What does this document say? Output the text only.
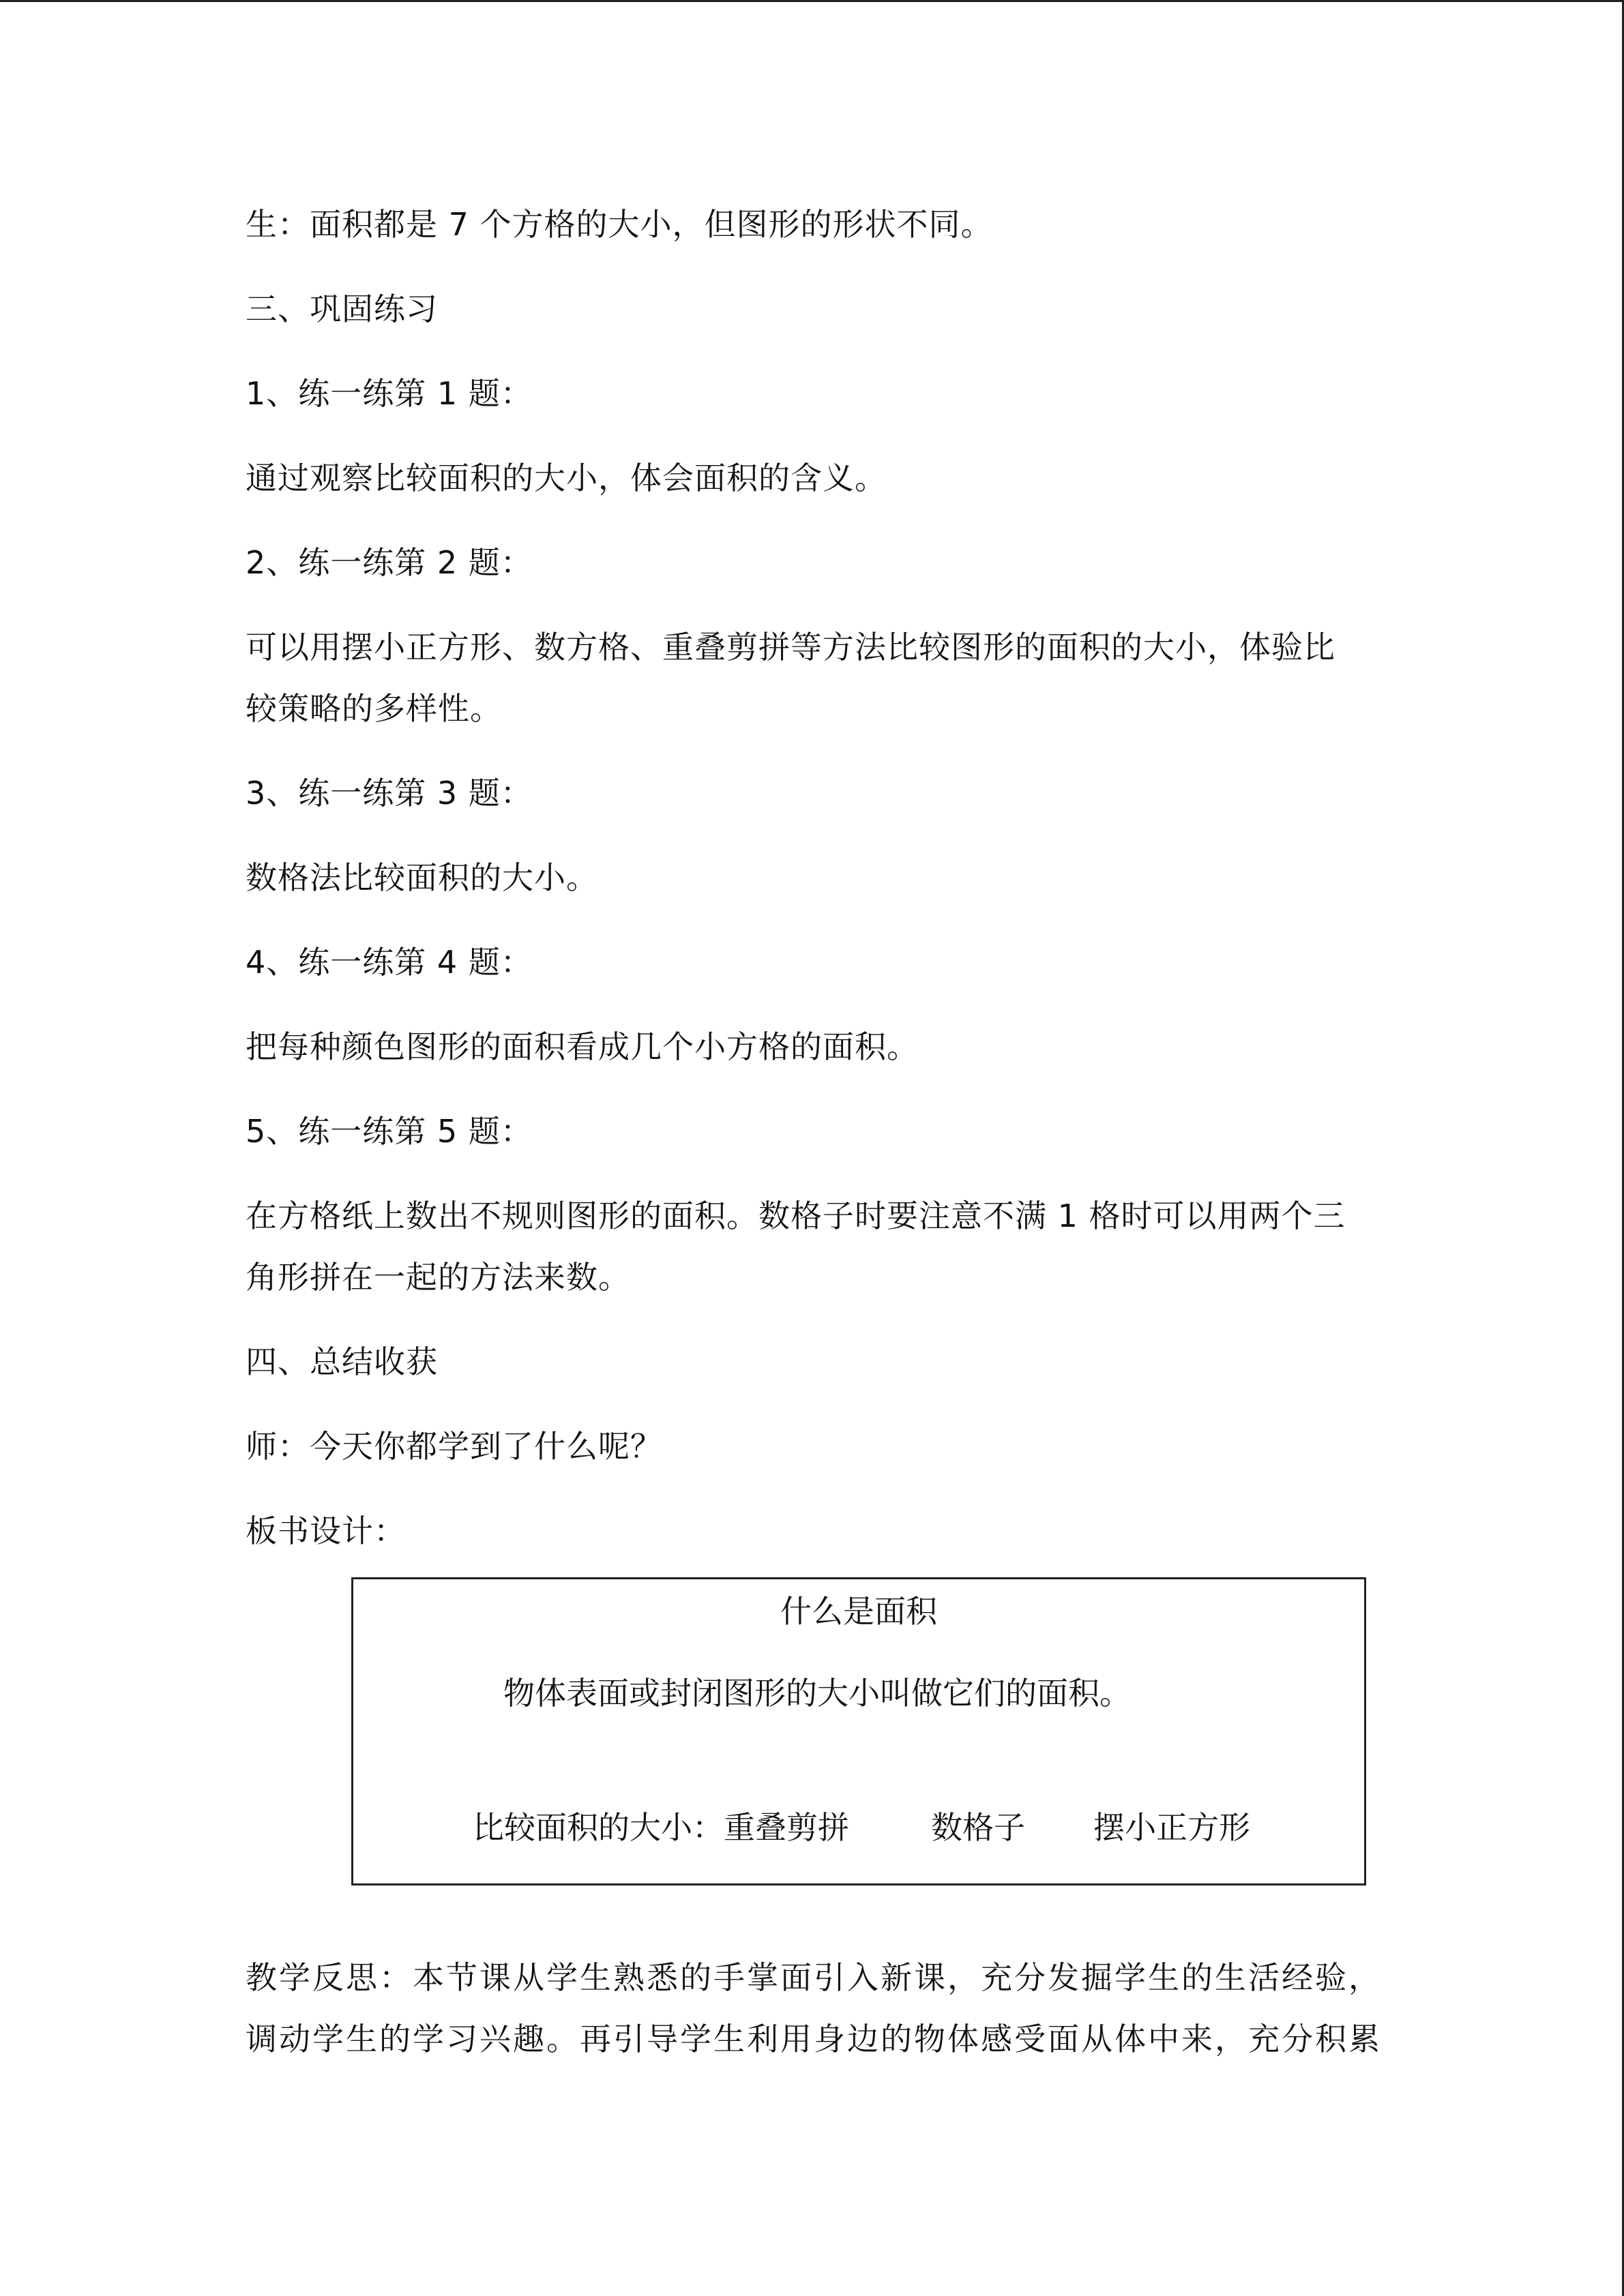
生：面积都是 7 个方格的大小，但图形的形状不同。
三、巩固练习
1、练一练第 1 题：
通过观察比较面积的大小，体会面积的含义。
2、练一练第 2 题：
可以用摆小正方形、数方格、重叠剪拼等方法比较图形的面积的大小，体验比
较策略的多样性。
3、练一练第 3 题：
数格法比较面积的大小。
4、练一练第 4 题：
把每种颜色图形的面积看成几个小方格的面积。
5、练一练第 5 题：
在方格纸上数出不规则图形的面积。数格子时要注意不满 1 格时可以用两个三
角形拼在一起的方法来数。
四、总结收获
师：今天你都学到了什么呢？
板书设计：
什么是面积
物体表面或封闭图形的大小叫做它们的面积。
比较面积的大小：重叠剪拼	数格子 摆小正方形
教学反思：本节课从学生熟悉的手掌面引入新课，充分发掘学生的生活经验，
调动学生的学习兴趣。再引导学生利用身边的物体感受面从体中来，充分积累
